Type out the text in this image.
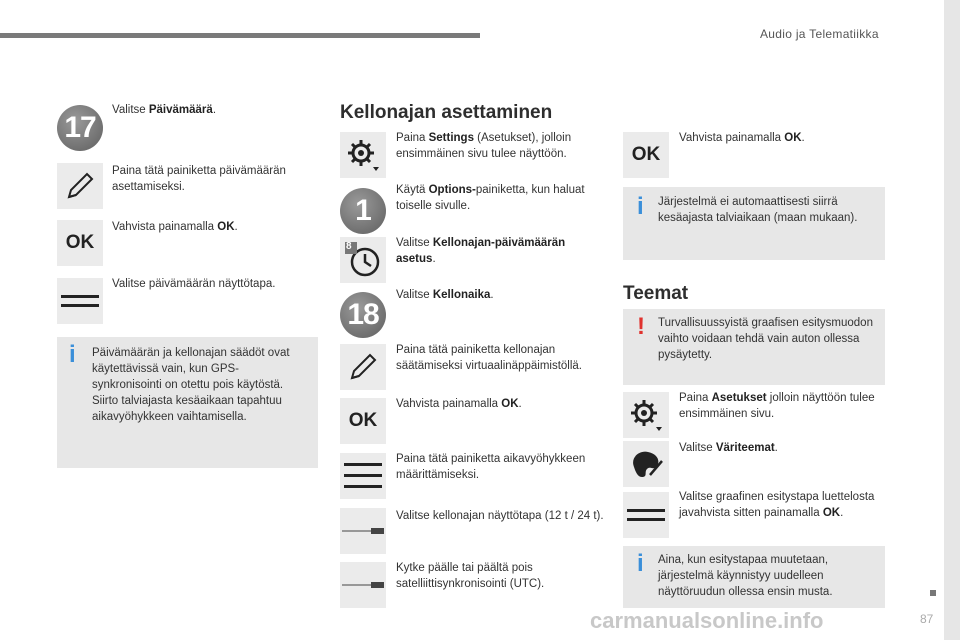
Audio ja Telematiikka
17
Valitse Päivämäärä.
Paina tätä painiketta päivämäärän asettamiseksi.
OK
Vahvista painamalla OK.
Valitse päivämäärän näyttötapa.
i Päivämäärän ja kellonajan säädöt ovat käytettävissä vain, kun GPS-synkronisointi on otettu pois käytöstä. Siirto talviajasta kesäaikaan tapahtuu aikavyöhykkeen vaihtamisella.
Kellonajan asettaminen
Paina Settings (Asetukset), jolloin ensimmäinen sivu tulee näyttöön.
1
Käytä Options-painiketta, kun haluat toiselle sivulle.
8	Valitse Kellonajan-päivämäärän asetus.
18
Valitse Kellonaika.
Paina tätä painiketta kellonajan säätämiseksi virtuaalinäppäimistöllä.
OK
Vahvista painamalla OK.
Paina tätä painiketta aikavyöhykkeen määrittämiseksi.
Valitse kellonajan näyttötapa (12 t / 24 t).
Kytke päälle tai päältä pois satelliittisynkronisointi (UTC).
OK
Vahvista painamalla OK.
i Järjestelmä ei automaattisesti siirrä kesäajasta talviaikaan (maan mukaan).
Teemat
! Turvallisuussyistä graafisen esitysmuodon vaihto voidaan tehdä vain auton ollessa pysäytetty.
Paina Asetukset jolloin näyttöön tulee ensimmäinen sivu.
Valitse Väriteemat.
Valitse graafinen esitystapa luettelosta javahvista sitten painamalla OK.
i Aina, kun esitystapaa muutetaan, järjestelmä käynnistyy uudelleen näyttöruudun ollessa ensin musta.
carmanualsonline.info	87
